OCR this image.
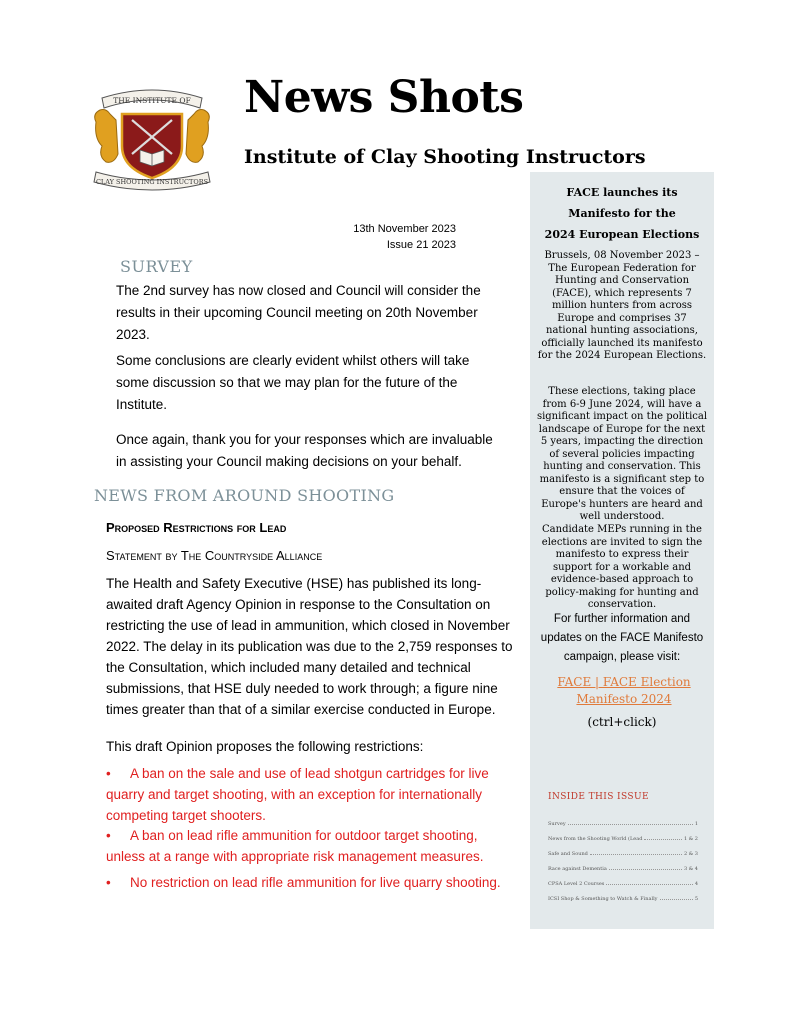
THE INSTITUTE OF
CLAY SHOOTING INSTRUCTORS
News Shots
Institute of Clay Shooting Instructors
13th November 2023
Issue 21 2023
SURVEY
The 2nd survey has now closed and Council will consider the results in their upcoming Council meeting on 20th November 2023.
Some conclusions are clearly evident whilst others will take some discussion so that we may plan for the future of the Institute.
Once again, thank you for your responses which are invaluable in assisting your Council making decisions on your behalf.
NEWS FROM AROUND SHOOTING
Proposed Restrictions for Lead
Statement by The Countryside Alliance
The Health and Safety Executive (HSE) has published its long-awaited draft Agency Opinion in response to the Consultation on restricting the use of lead in ammunition, which closed in November 2022. The delay in its publication was due to the 2,759 responses to the Consultation, which included many detailed and technical submissions, that HSE duly needed to work through; a figure nine times greater than that of a similar exercise conducted in Europe.
This draft Opinion proposes the following restrictions:
• A ban on the sale and use of lead shotgun cartridges for live quarry and target shooting, with an exception for internationally competing target shooters.
• A ban on lead rifle ammunition for outdoor target shooting, unless at a range with appropriate risk management measures.
• No restriction on lead rifle ammunition for live quarry shooting.
FACE launches its
Manifesto for the
2024 European Elections
Brussels, 08 November 2023 – The European Federation for Hunting and Conservation (FACE), which represents 7 million hunters from across Europe and comprises 37 national hunting associations, officially launched its manifesto for the 2024 European Elections.
These elections, taking place from 6-9 June 2024, will have a significant impact on the political landscape of Europe for the next 5 years, impacting the direction of several policies impacting hunting and conservation. This manifesto is a significant step to ensure that the voices of Europe's hunters are heard and well understood.
Candidate MEPs running in the elections are invited to sign the manifesto to express their support for a workable and evidence-based approach to policy-making for hunting and conservation.
For further information and updates on the FACE Manifesto campaign, please visit:
FACE | FACE Election Manifesto 2024
(ctrl+click)
INSIDE THIS ISSUE
Survey	1
News from the Shooting World (Lead	1 & 2
Safe and Sound	2 & 3
Race against Dementia	3 & 4
CPSA Level 2 Courses	4
ICSI Shop & Something to Watch & Finally	5
